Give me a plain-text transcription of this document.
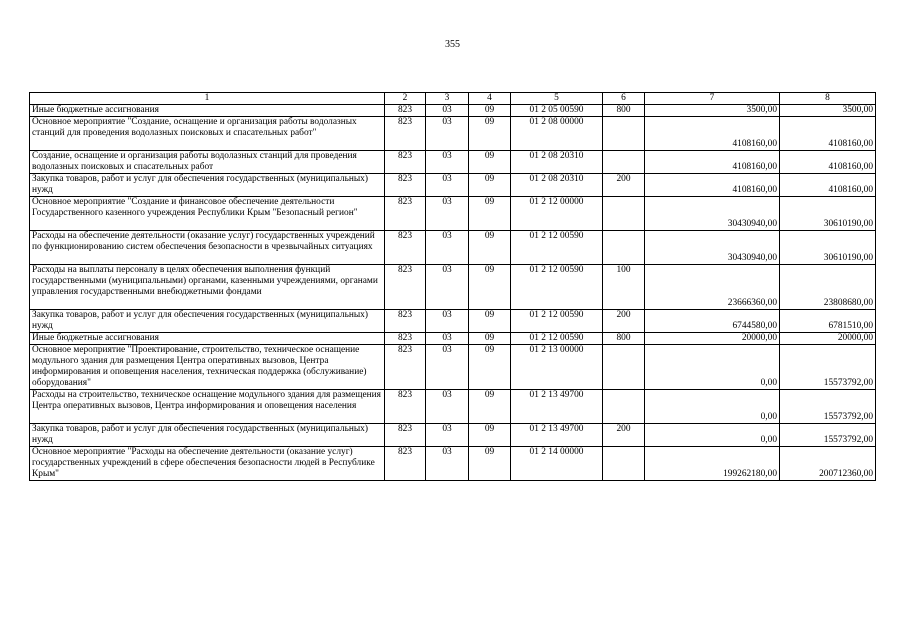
355
1	2	3	4	5	6	7	8
Иные бюджетные ассигнования	823	03	09	01 2 05 00590	800	3500,00	3500,00
Основное мероприятие "Создание, оснащение и организация работы водолазных станций для проведения водолазных поисковых и спасательных работ"	823	03	09	01 2 08 00000		4108160,00	4108160,00
Создание, оснащение и организация работы водолазных станций для проведения водолазных поисковых и спасательных работ	823	03	09	01 2 08 20310		4108160,00	4108160,00
Закупка товаров, работ и услуг для обеспечения государственных (муниципальных) нужд	823	03	09	01 2 08 20310	200	4108160,00	4108160,00
Основное мероприятие "Создание и финансовое обеспечение деятельности Государственного казенного учреждения Республики Крым "Безопасный регион"	823	03	09	01 2 12 00000		30430940,00	30610190,00
Расходы на обеспечение деятельности (оказание услуг) государственных учреждений по функционированию систем обеспечения безопасности в чрезвычайных ситуациях	823	03	09	01 2 12 00590		30430940,00	30610190,00
Расходы на выплаты персоналу в целях обеспечения выполнения функций государственными (муниципальными) органами, казенными учреждениями, органами управления государственными внебюджетными фондами	823	03	09	01 2 12 00590	100	23666360,00	23808680,00
Закупка товаров, работ и услуг для обеспечения государственных (муниципальных) нужд	823	03	09	01 2 12 00590	200	6744580,00	6781510,00
Иные бюджетные ассигнования	823	03	09	01 2 12 00590	800	20000,00	20000,00
Основное мероприятие "Проектирование, строительство, техническое оснащение модульного здания для размещения Центра оперативных вызовов, Центра информирования и оповещения населения, техническая поддержка (обслуживание) оборудования"	823	03	09	01 2 13 00000		0,00	15573792,00
Расходы на строительство, техническое оснащение модульного здания для размещения Центра оперативных вызовов, Центра информирования и оповещения населения	823	03	09	01 2 13 49700		0,00	15573792,00
Закупка товаров, работ и услуг для обеспечения государственных (муниципальных) нужд	823	03	09	01 2 13 49700	200	0,00	15573792,00
Основное мероприятие "Расходы на обеспечение деятельности (оказание услуг) государственных учреждений в сфере обеспечения безопасности людей в Республике Крым"	823	03	09	01 2 14 00000		199262180,00	200712360,00
